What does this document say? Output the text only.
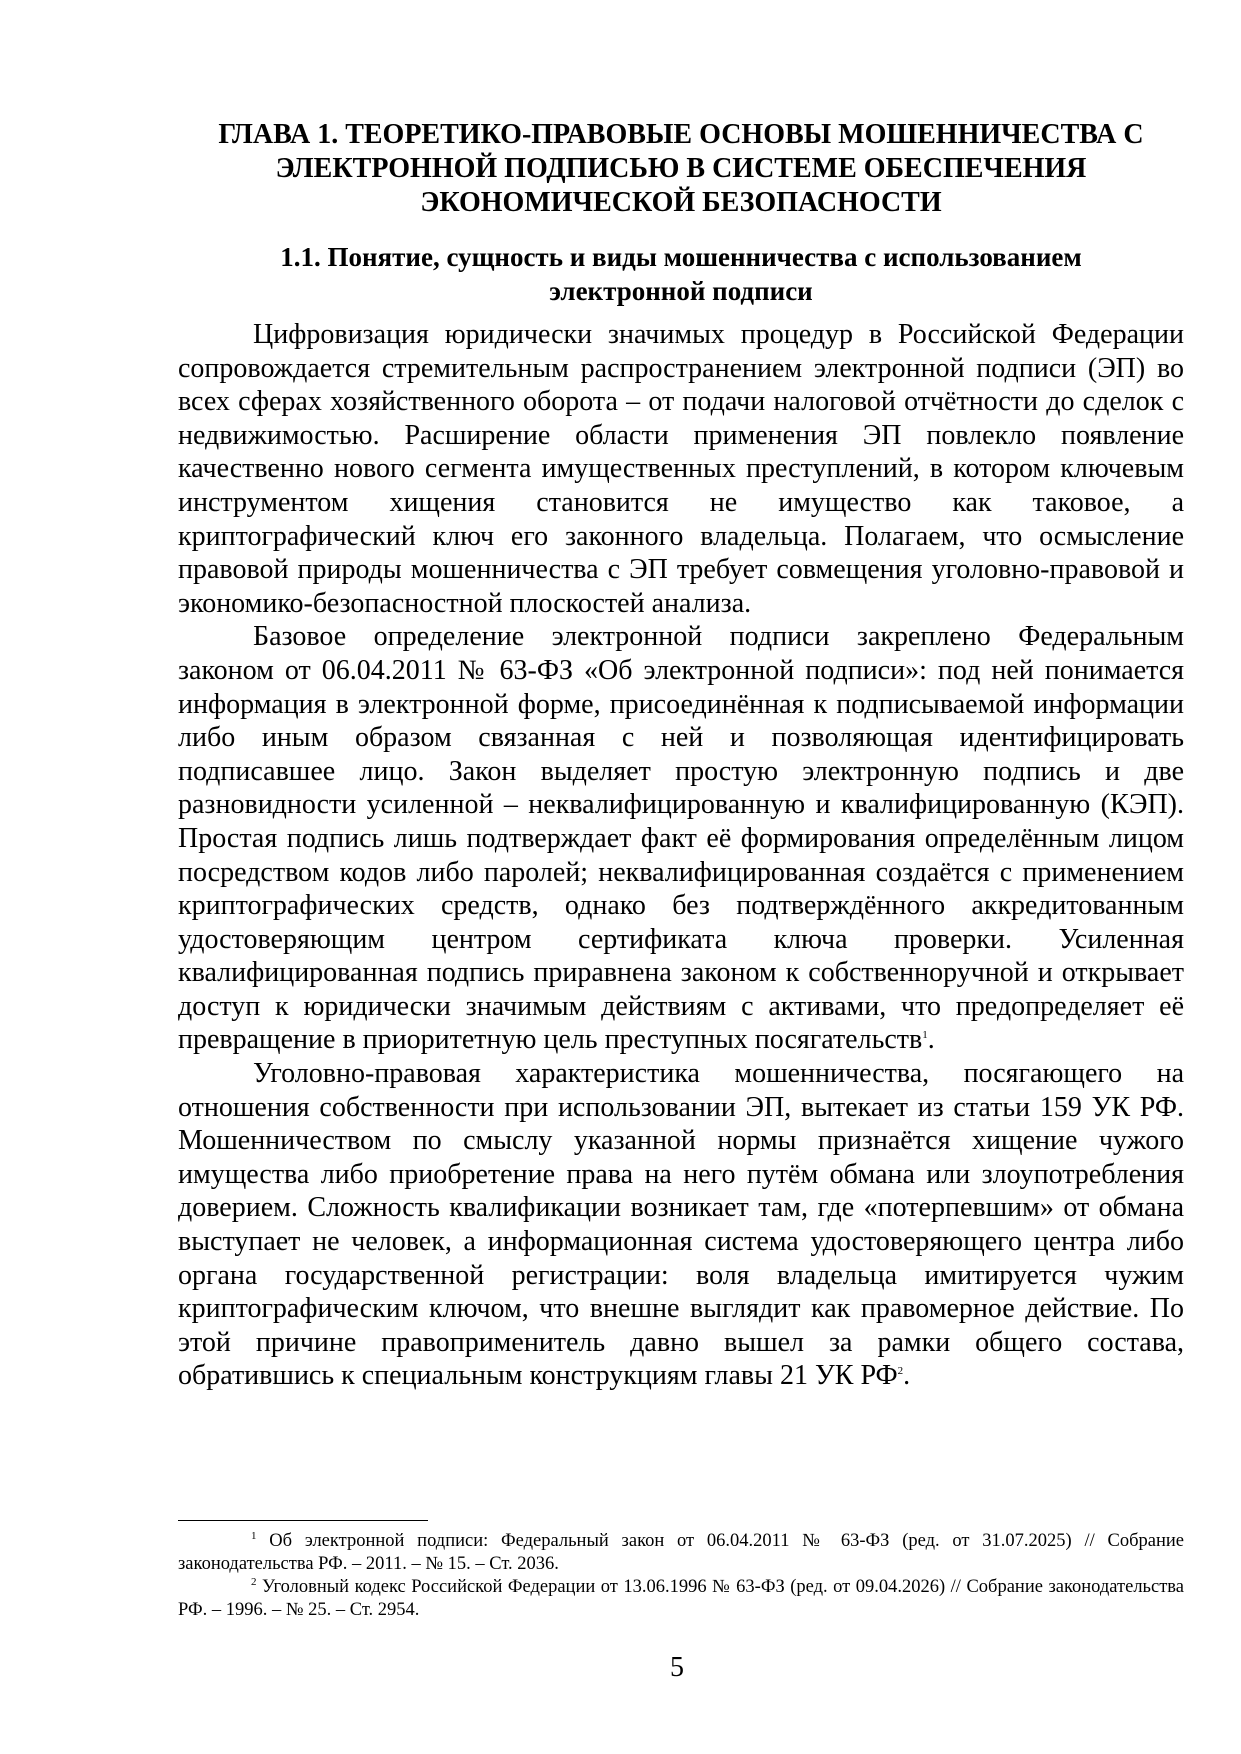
ГЛАВА 1. ТЕОРЕТИКО-ПРАВОВЫЕ ОСНОВЫ МОШЕННИЧЕСТВА С ЭЛЕКТРОННОЙ ПОДПИСЬЮ В СИСТЕМЕ ОБЕСПЕЧЕНИЯ ЭКОНОМИЧЕСКОЙ БЕЗОПАСНОСТИ
1.1. Понятие, сущность и виды мошенничества с использованием электронной подписи

Цифровизация юридически значимых процедур в Российской Федерации сопровождается стремительным распространением электронной подписи (ЭП) во всех сферах хозяйственного оборота – от подачи налоговой отчётности до сделок с недвижимостью. Расширение области применения ЭП повлекло появление качественно нового сегмента имущественных преступлений, в котором ключевым инструментом хищения становится не имущество как таковое, а криптографический ключ его законного владельца. Полагаем, что осмысление правовой природы мошенничества с ЭП требует совмещения уголовно-правовой и экономико-безопасностной плоскостей анализа.

Базовое определение электронной подписи закреплено Федеральным законом от 06.04.2011 № 63-ФЗ «Об электронной подписи»: под ней понимается информация в электронной форме, присоединённая к подписываемой информации либо иным образом связанная с ней и позволяющая идентифицировать подписавшее лицо. Закон выделяет простую электронную подпись и две разновидности усиленной – неквалифицированную и квалифицированную (КЭП). Простая подпись лишь подтверждает факт её формирования определённым лицом посредством кодов либо паролей; неквалифицированная создаётся с применением криптографических средств, однако без подтверждённого аккредитованным удостоверяющим центром сертификата ключа проверки. Усиленная квалифицированная подпись приравнена законом к собственноручной и открывает доступ к юридически значимым действиям с активами, что предопределяет её превращение в приоритетную цель преступных посягательств$^1$.

Уголовно-правовая характеристика мошенничества, посягающего на отношения собственности при использовании ЭП, вытекает из статьи 159 УК РФ. Мошенничеством по смыслу указанной нормы признаётся хищение чужого имущества либо приобретение права на него путём обмана или злоупотребления доверием. Сложность квалификации возникает там, где «потерпевшим» от обмана выступает не человек, а информационная система удостоверяющего центра либо органа государственной регистрации: воля владельца имитируется чужим криптографическим ключом, что внешне выглядит как правомерное действие. По этой причине правоприменитель давно вышел за рамки общего состава, обратившись к специальным конструкциям главы 21 УК РФ$^2$.

$^1$ Об электронной подписи: Федеральный закон от 06.04.2011 № 63-ФЗ (ред. от 31.07.2025) // Собрание законодательства РФ. – 2011. – № 15. – Ст. 2036.

$^2$ Уголовный кодекс Российской Федерации от 13.06.1996 № 63-ФЗ (ред. от 09.04.2026) // Собрание законодательства РФ. – 1996. – № 25. – Ст. 2954.

5
